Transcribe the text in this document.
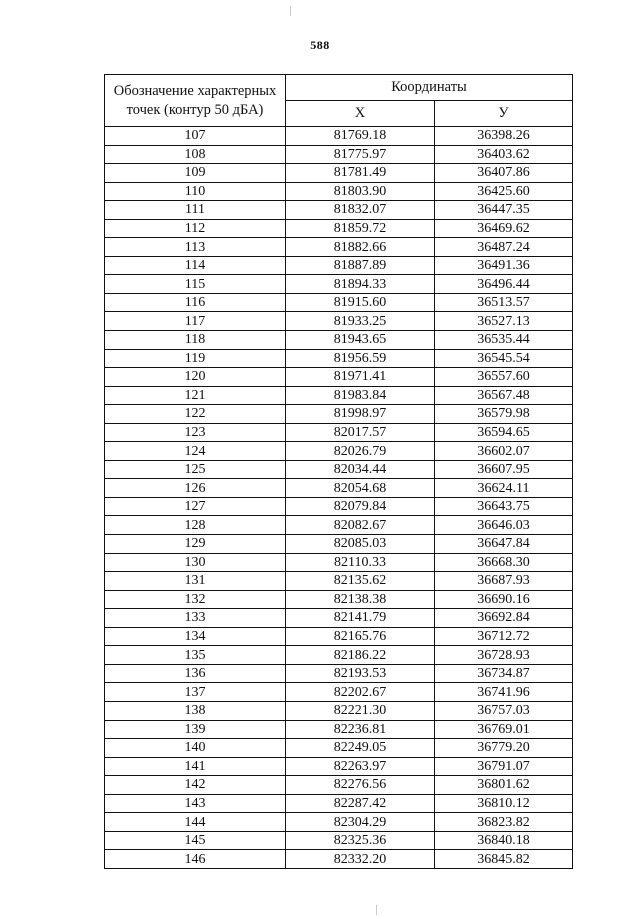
588
Обозначение характерных точек (контур 50 дБА)	Координаты	
	Х	У
107	81769.18	36398.26
108	81775.97	36403.62
109	81781.49	36407.86
110	81803.90	36425.60
111	81832.07	36447.35
112	81859.72	36469.62
113	81882.66	36487.24
114	81887.89	36491.36
115	81894.33	36496.44
116	81915.60	36513.57
117	81933.25	36527.13
118	81943.65	36535.44
119	81956.59	36545.54
120	81971.41	36557.60
121	81983.84	36567.48
122	81998.97	36579.98
123	82017.57	36594.65
124	82026.79	36602.07
125	82034.44	36607.95
126	82054.68	36624.11
127	82079.84	36643.75
128	82082.67	36646.03
129	82085.03	36647.84
130	82110.33	36668.30
131	82135.62	36687.93
132	82138.38	36690.16
133	82141.79	36692.84
134	82165.76	36712.72
135	82186.22	36728.93
136	82193.53	36734.87
137	82202.67	36741.96
138	82221.30	36757.03
139	82236.81	36769.01
140	82249.05	36779.20
141	82263.97	36791.07
142	82276.56	36801.62
143	82287.42	36810.12
144	82304.29	36823.82
145	82325.36	36840.18
146	82332.20	36845.82
